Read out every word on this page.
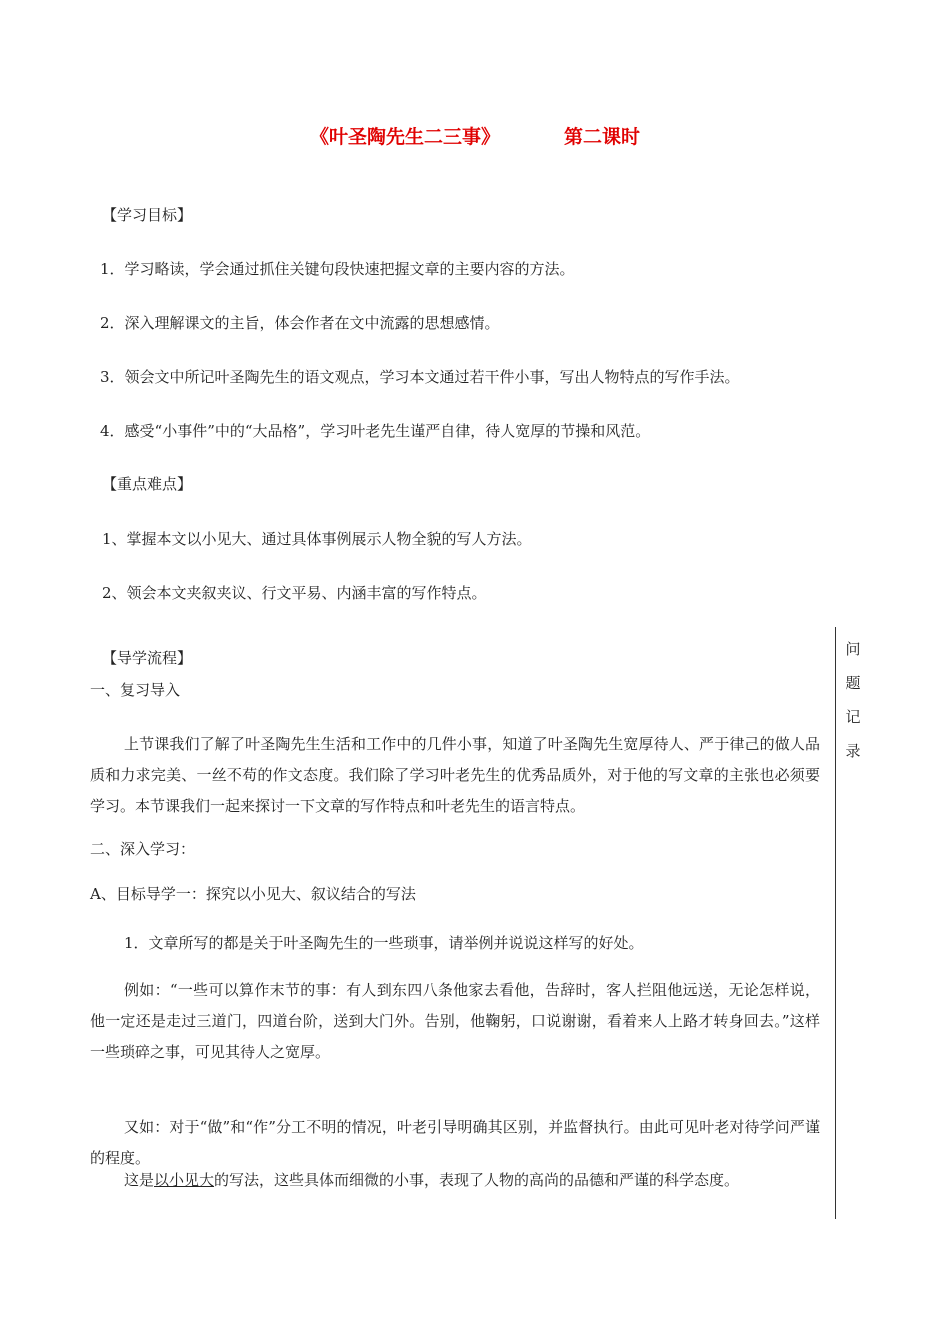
《叶圣陶先生二三事》	第二课时
【学习目标】
1．学习略读，学会通过抓住关键句段快速把握文章的主要内容的方法。
2．深入理解课文的主旨，体会作者在文中流露的思想感情。
3．领会文中所记叶圣陶先生的语文观点，学习本文通过若干件小事，写出人物特点的写作手法。
4．感受“小事件”中的“大品格”，学习叶老先生谨严自律，待人宽厚的节操和风范。
【重点难点】
1、掌握本文以小见大、通过具体事例展示人物全貌的写人方法。
2、领会本文夹叙夹议、行文平易、内涵丰富的写作特点。
【导学流程】
一、复习导入
上节课我们了解了叶圣陶先生生活和工作中的几件小事，知道了叶圣陶先生宽厚待人、严于律己的做人品质和力求完美、一丝不苟的作文态度。我们除了学习叶老先生的优秀品质外，对于他的写文章的主张也必须要学习。本节课我们一起来探讨一下文章的写作特点和叶老先生的语言特点。
二、深入学习：
A、目标导学一：探究以小见大、叙议结合的写法
1．文章所写的都是关于叶圣陶先生的一些琐事，请举例并说说这样写的好处。
例如：“一些可以算作末节的事：有人到东四八条他家去看他，告辞时，客人拦阻他远送，无论怎样说，他一定还是走过三道门，四道台阶，送到大门外。告别，他鞠躬，口说谢谢，看着来人上路才转身回去。”这样一些琐碎之事，可见其待人之宽厚。
又如：对于“做”和“作”分工不明的情况，叶老引导明确其区别，并监督执行。由此可见叶老对待学问严谨的程度。
这是以小见大的写法，这些具体而细微的小事，表现了人物的高尚的品德和严谨的科学态度。
问题记录
